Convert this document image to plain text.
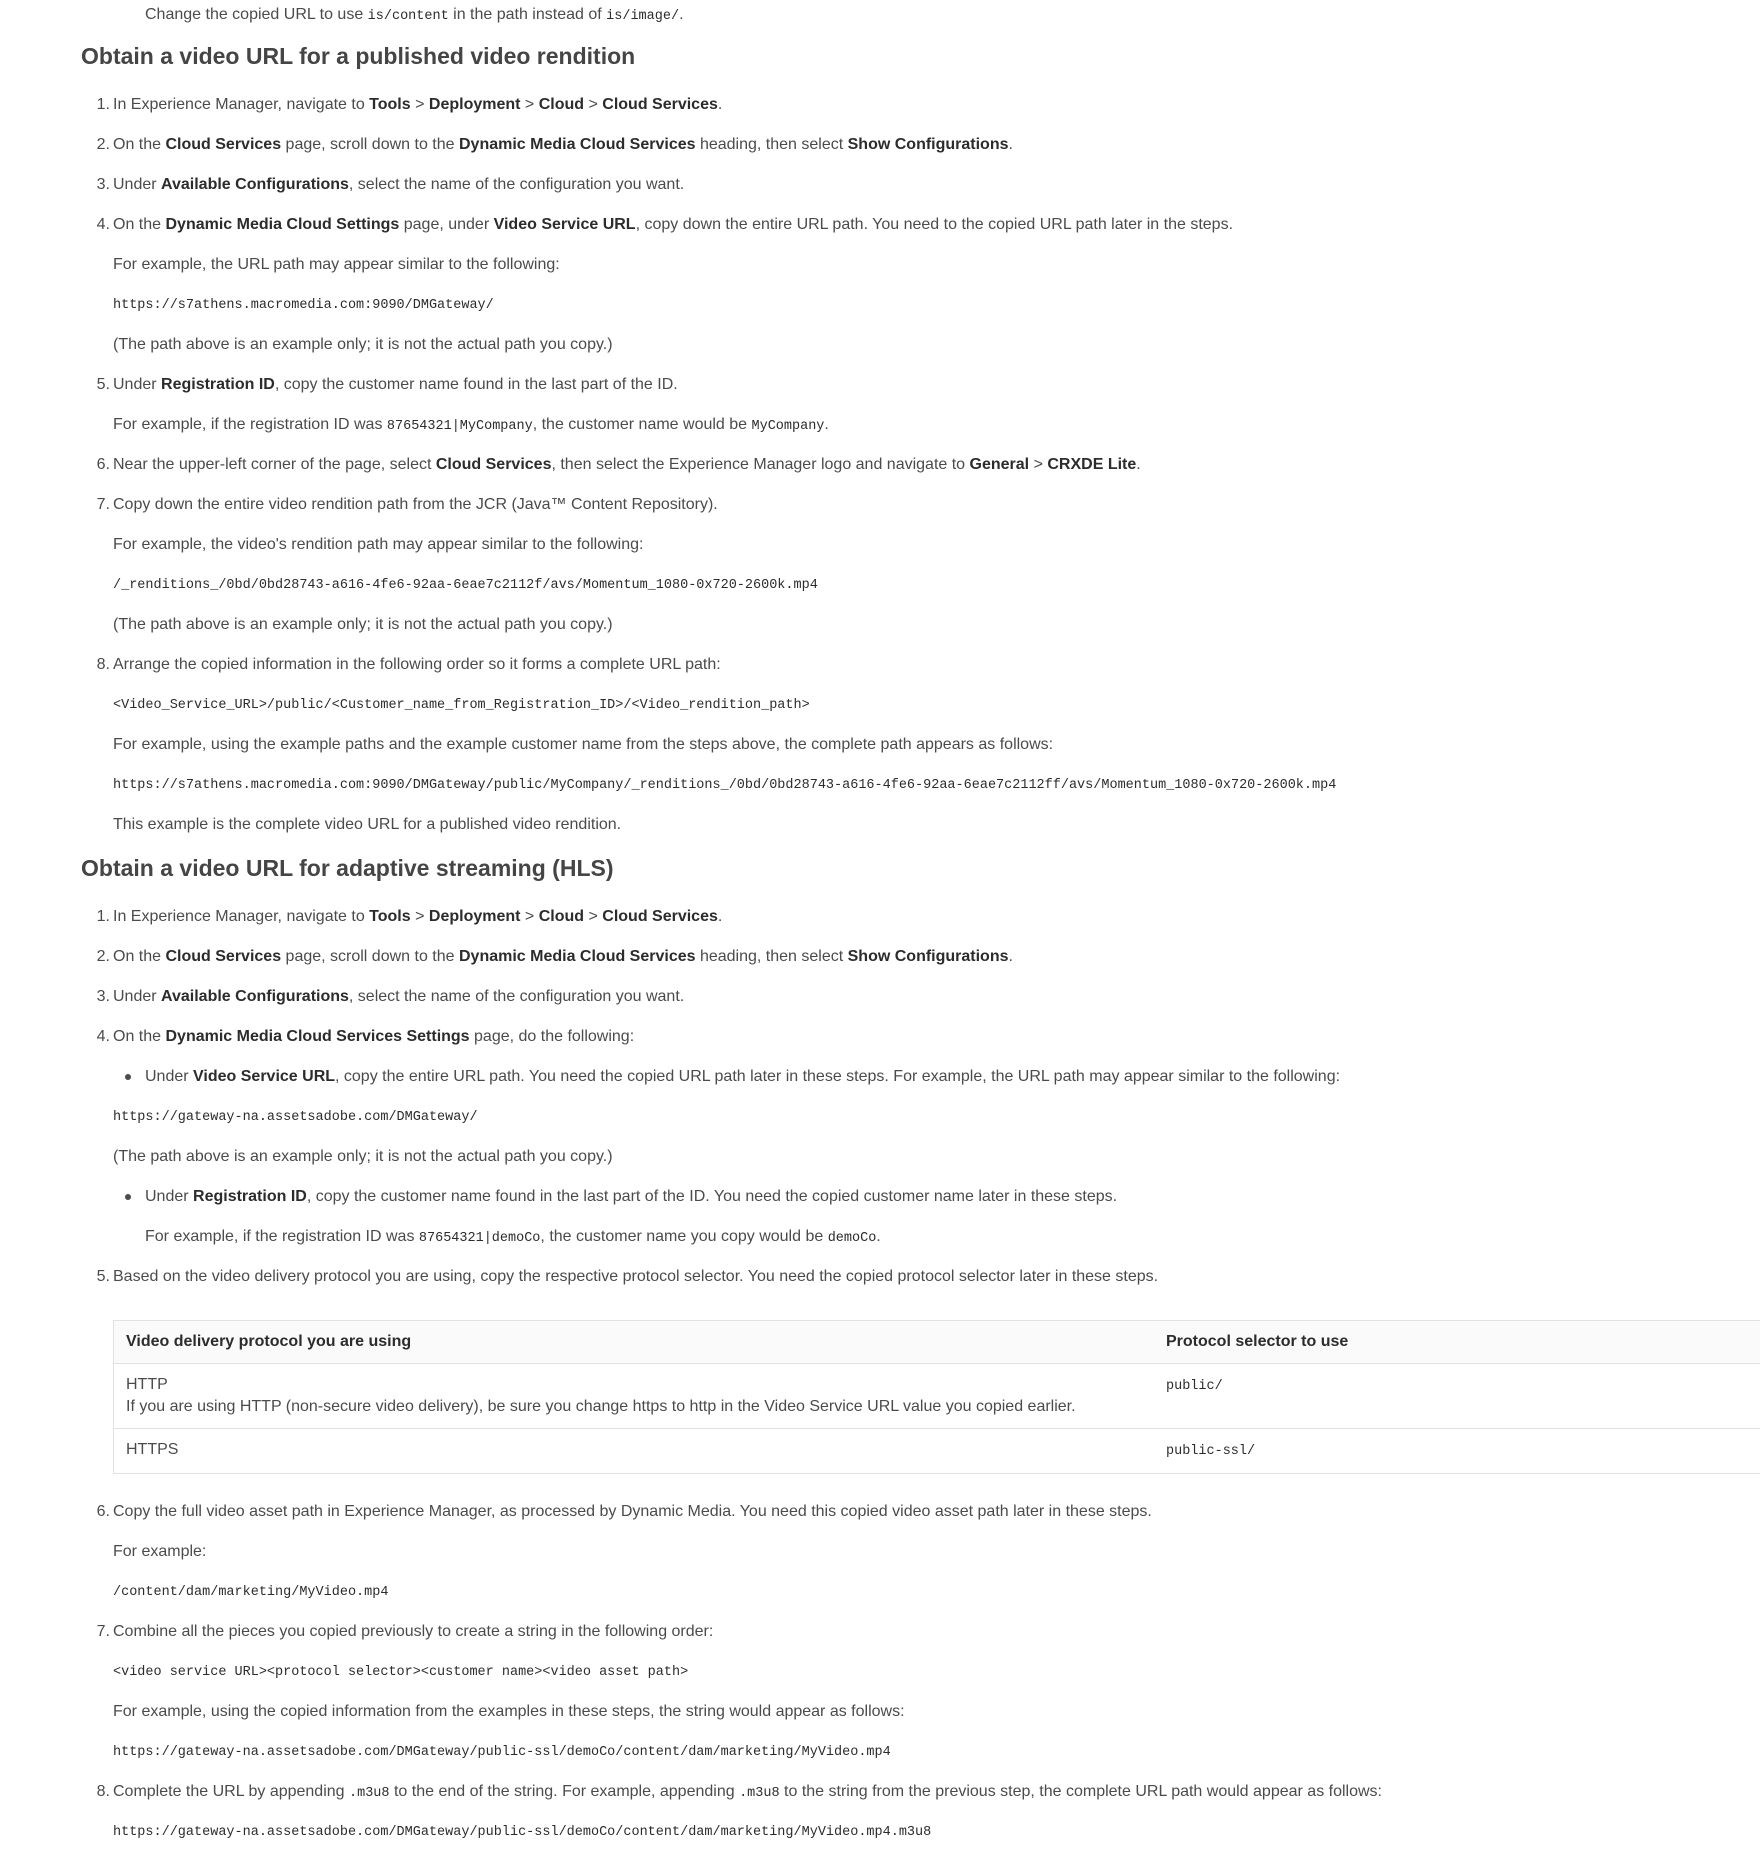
Change the copied URL to use is/content in the path instead of is/image/.
Obtain a video URL for a published video rendition
1. In Experience Manager, navigate to Tools > Deployment > Cloud > Cloud Services.
2. On the Cloud Services page, scroll down to the Dynamic Media Cloud Services heading, then select Show Configurations.
3. Under Available Configurations, select the name of the configuration you want.
4. On the Dynamic Media Cloud Settings page, under Video Service URL, copy down the entire URL path. You need to the copied URL path later in the steps.
For example, the URL path may appear similar to the following:
https://s7athens.macromedia.com:9090/DMGateway/
(The path above is an example only; it is not the actual path you copy.)
5. Under Registration ID, copy the customer name found in the last part of the ID.
For example, if the registration ID was 87654321|MyCompany, the customer name would be MyCompany.
6. Near the upper-left corner of the page, select Cloud Services, then select the Experience Manager logo and navigate to General > CRXDE Lite.
7. Copy down the entire video rendition path from the JCR (Java™ Content Repository).
For example, the video's rendition path may appear similar to the following:
/_renditions_/0bd/0bd28743-a616-4fe6-92aa-6eae7c2112f/avs/Momentum_1080-0x720-2600k.mp4
(The path above is an example only; it is not the actual path you copy.)
8. Arrange the copied information in the following order so it forms a complete URL path:
<Video_Service_URL>/public/<Customer_name_from_Registration_ID>/<Video_rendition_path>
For example, using the example paths and the example customer name from the steps above, the complete path appears as follows:
https://s7athens.macromedia.com:9090/DMGateway/public/MyCompany/_renditions_/0bd/0bd28743-a616-4fe6-92aa-6eae7c2112ff/avs/Momentum_1080-0x720-2600k.mp4
This example is the complete video URL for a published video rendition.
Obtain a video URL for adaptive streaming (HLS)
1. In Experience Manager, navigate to Tools > Deployment > Cloud > Cloud Services.
2. On the Cloud Services page, scroll down to the Dynamic Media Cloud Services heading, then select Show Configurations.
3. Under Available Configurations, select the name of the configuration you want.
4. On the Dynamic Media Cloud Services Settings page, do the following:
Under Video Service URL, copy the entire URL path. You need the copied URL path later in these steps. For example, the URL path may appear similar to the following:
https://gateway-na.assetsadobe.com/DMGateway/
(The path above is an example only; it is not the actual path you copy.)
Under Registration ID, copy the customer name found in the last part of the ID. You need the copied customer name later in these steps.
For example, if the registration ID was 87654321|demoCo, the customer name you copy would be demoCo.
5. Based on the video delivery protocol you are using, copy the respective protocol selector. You need the copied protocol selector later in these steps.
Video delivery protocol you are using	Protocol selector to use

HTTP
If you are using HTTP (non-secure video delivery), be sure you change https to http in the Video Service URL value you copied earlier.	public/

HTTPS	public-ssl/
6. Copy the full video asset path in Experience Manager, as processed by Dynamic Media. You need this copied video asset path later in these steps.
For example:
/content/dam/marketing/MyVideo.mp4
7. Combine all the pieces you copied previously to create a string in the following order:
<video service URL><protocol selector><customer name><video asset path>
For example, using the copied information from the examples in these steps, the string would appear as follows:
https://gateway-na.assetsadobe.com/DMGateway/public-ssl/demoCo/content/dam/marketing/MyVideo.mp4
8. Complete the URL by appending .m3u8 to the end of the string. For example, appending .m3u8 to the string from the previous step, the complete URL path would appear as follows:
https://gateway-na.assetsadobe.com/DMGateway/public-ssl/demoCo/content/dam/marketing/MyVideo.mp4.m3u8
